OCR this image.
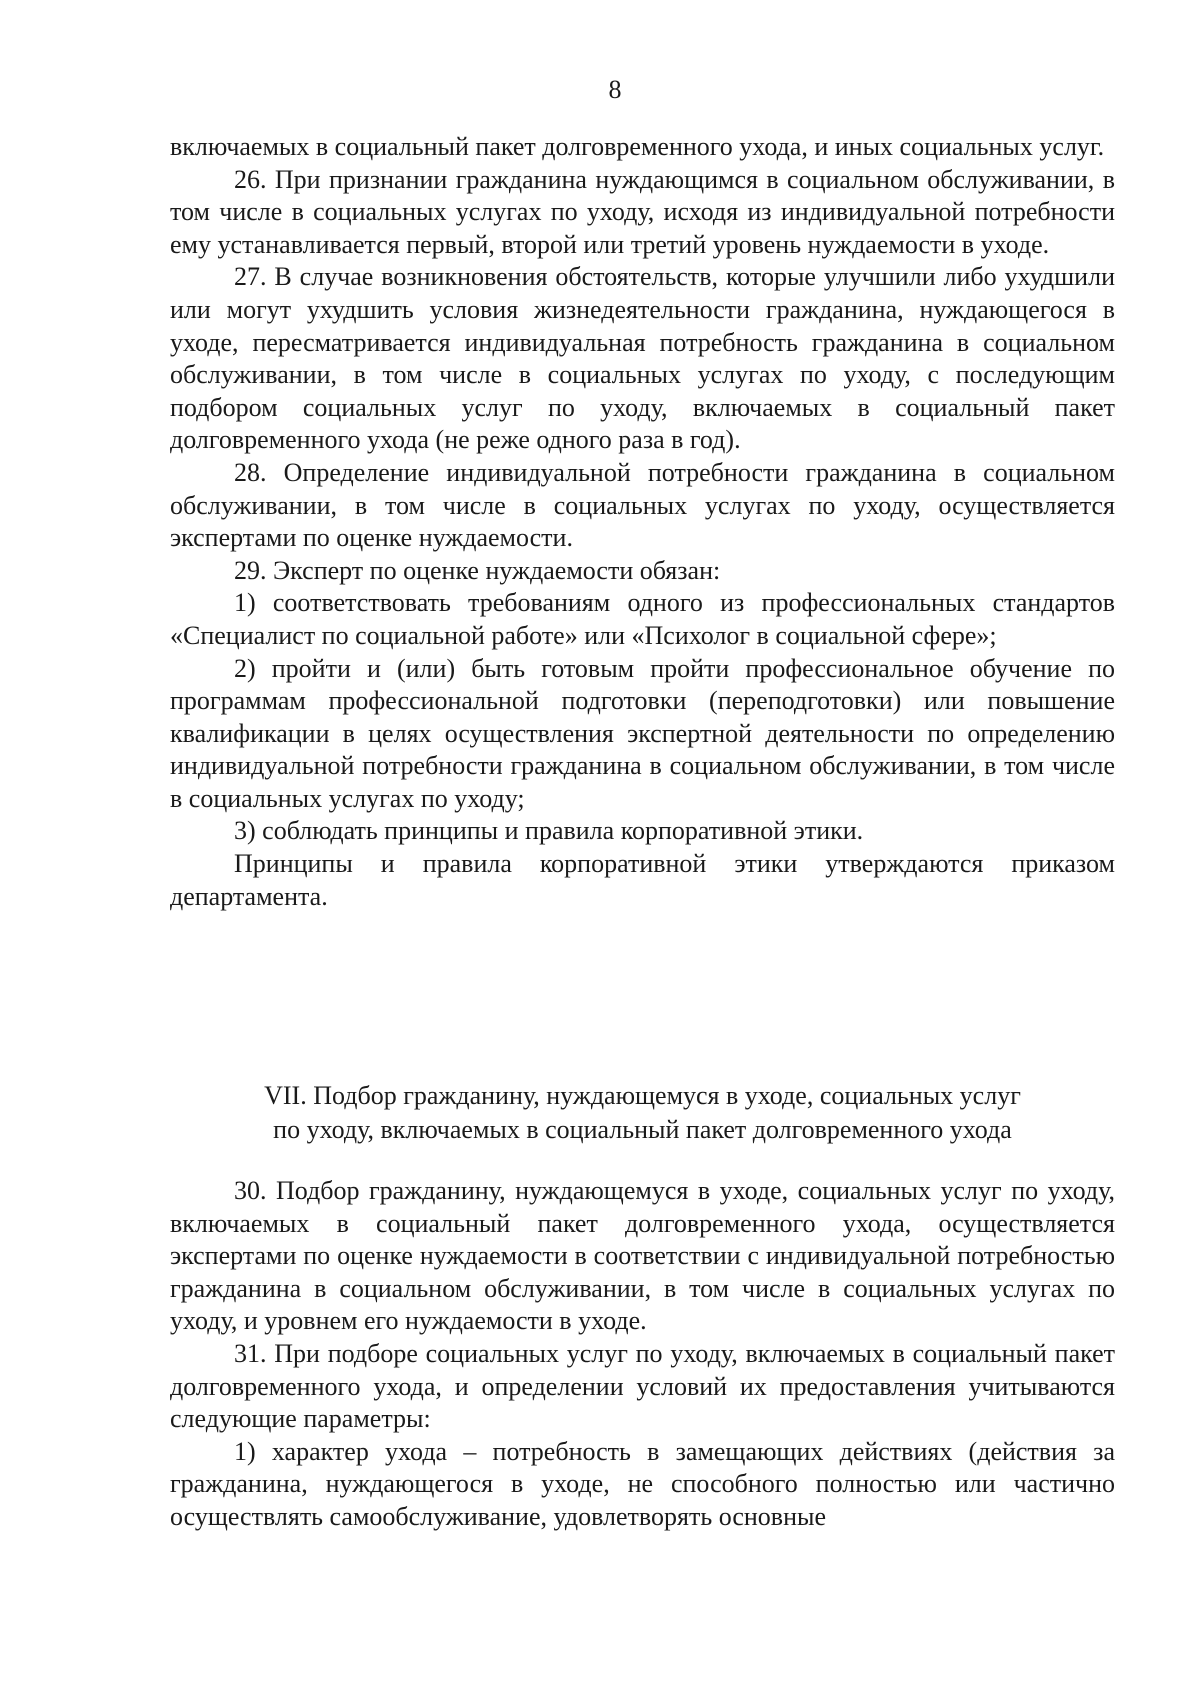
8

включаемых в социальный пакет долговременного ухода, и иных социальных услуг.

26. При признании гражданина нуждающимся в социальном обслуживании, в том числе в социальных услугах по уходу, исходя из индивидуальной потребности ему устанавливается первый, второй или третий уровень нуждаемости в уходе.

27. В случае возникновения обстоятельств, которые улучшили либо ухудшили или могут ухудшить условия жизнедеятельности гражданина, нуждающегося в уходе, пересматривается индивидуальная потребность гражданина в социальном обслуживании, в том числе в социальных услугах по уходу, с последующим подбором социальных услуг по уходу, включаемых в социальный пакет долговременного ухода (не реже одного раза в год).

28. Определение индивидуальной потребности гражданина в социальном обслуживании, в том числе в социальных услугах по уходу, осуществляется экспертами по оценке нуждаемости.

29. Эксперт по оценке нуждаемости обязан:

1) соответствовать требованиям одного из профессиональных стандартов «Специалист по социальной работе» или «Психолог в социальной сфере»;

2) пройти и (или) быть готовым пройти профессиональное обучение по программам профессиональной подготовки (переподготовки) или повышение квалификации в целях осуществления экспертной деятельности по определению индивидуальной потребности гражданина в социальном обслуживании, в том числе в социальных услугах по уходу;

3) соблюдать принципы и правила корпоративной этики.

Принципы и правила корпоративной этики утверждаются приказом департамента.

VII. Подбор гражданину, нуждающемуся в уходе, социальных услуг
по уходу, включаемых в социальный пакет долговременного ухода

30. Подбор гражданину, нуждающемуся в уходе, социальных услуг по уходу, включаемых в социальный пакет долговременного ухода, осуществляется экспертами по оценке нуждаемости в соответствии с индивидуальной потребностью гражданина в социальном обслуживании, в том числе в социальных услугах по уходу, и уровнем его нуждаемости в уходе.

31. При подборе социальных услуг по уходу, включаемых в социальный пакет долговременного ухода, и определении условий их предоставления учитываются следующие параметры:

1) характер ухода – потребность в замещающих действиях (действия за гражданина, нуждающегося в уходе, не способного полностью или частично осуществлять самообслуживание, удовлетворять основные
